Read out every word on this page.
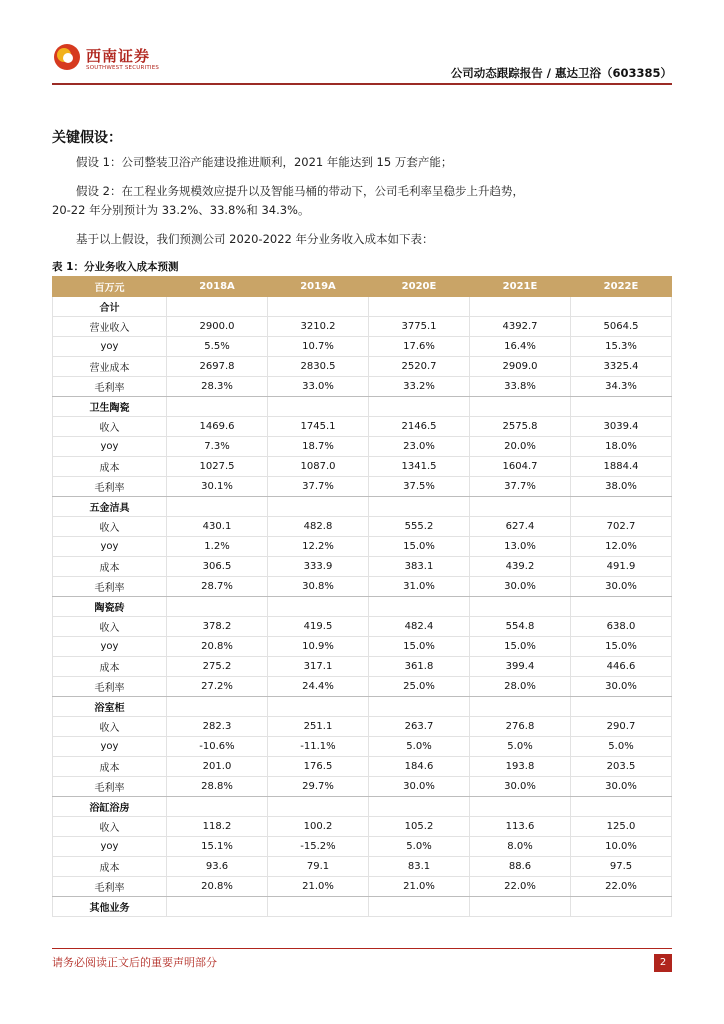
西南证券
SOUTHWEST SECURITIES	公司动态跟踪报告 / 惠达卫浴（603385）
关键假设：
假设 1：公司整装卫浴产能建设推进顺利，2021 年能达到 15 万套产能；
假设 2：在工程业务规模效应提升以及智能马桶的带动下，公司毛利率呈稳步上升趋势，
20-22 年分别预计为 33.2%、33.8%和 34.3%。
基于以上假设，我们预测公司 2020-2022 年分业务收入成本如下表：
表 1：分业务收入成本预测
百万元	2018A	2019A	2020E	2021E	2022E
合计					
营业收入	2900.0	3210.2	3775.1	4392.7	5064.5
yoy	5.5%	10.7%	17.6%	16.4%	15.3%
营业成本	2697.8	2830.5	2520.7	2909.0	3325.4
毛利率	28.3%	33.0%	33.2%	33.8%	34.3%
卫生陶瓷					
收入	1469.6	1745.1	2146.5	2575.8	3039.4
yoy	7.3%	18.7%	23.0%	20.0%	18.0%
成本	1027.5	1087.0	1341.5	1604.7	1884.4
毛利率	30.1%	37.7%	37.5%	37.7%	38.0%
五金洁具					
收入	430.1	482.8	555.2	627.4	702.7
yoy	1.2%	12.2%	15.0%	13.0%	12.0%
成本	306.5	333.9	383.1	439.2	491.9
毛利率	28.7%	30.8%	31.0%	30.0%	30.0%
陶瓷砖					
收入	378.2	419.5	482.4	554.8	638.0
yoy	20.8%	10.9%	15.0%	15.0%	15.0%
成本	275.2	317.1	361.8	399.4	446.6
毛利率	27.2%	24.4%	25.0%	28.0%	30.0%
浴室柜					
收入	282.3	251.1	263.7	276.8	290.7
yoy	-10.6%	-11.1%	5.0%	5.0%	5.0%
成本	201.0	176.5	184.6	193.8	203.5
毛利率	28.8%	29.7%	30.0%	30.0%	30.0%
浴缸浴房					
收入	118.2	100.2	105.2	113.6	125.0
yoy	15.1%	-15.2%	5.0%	8.0%	10.0%
成本	93.6	79.1	83.1	88.6	97.5
毛利率	20.8%	21.0%	21.0%	22.0%	22.0%
其他业务					
请务必阅读正文后的重要声明部分	2
